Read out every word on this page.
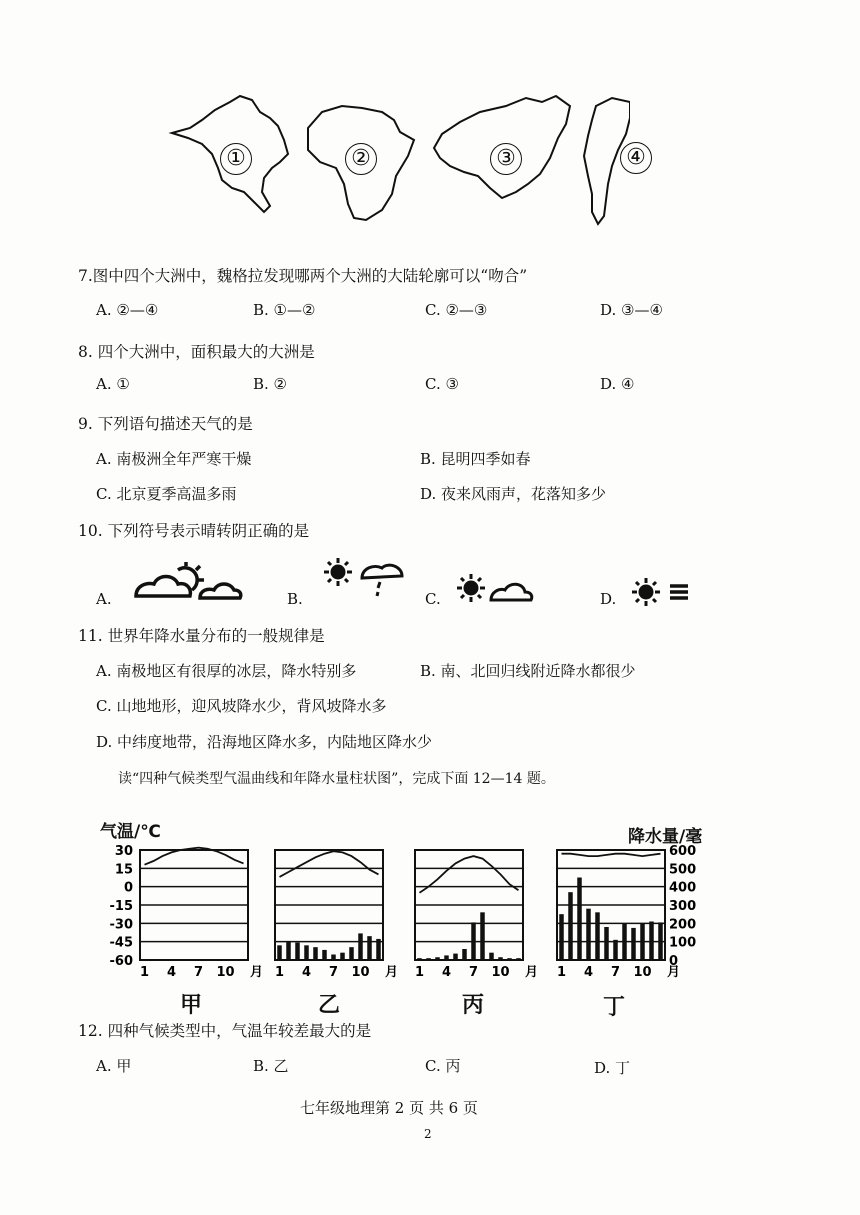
①	②	③	④
7.图中四个大洲中，魏格拉发现哪两个大洲的大陆轮廓可以“吻合”
A. ②—④	B. ①—②	C. ②—③	D. ③—④
8. 四个大洲中，面积最大的大洲是
A. ①	B. ②	C. ③	D. ④
9. 下列语句描述天气的是
A. 南极洲全年严寒干燥	B. 昆明四季如春
C. 北京夏季高温多雨	D. 夜来风雨声，花落知多少
10. 下列符号表示晴转阴正确的是
A.	B.	C.	D.
11. 世界年降水量分布的一般规律是
A. 南极地区有很厚的冰层，降水特别多	B. 南、北回归线附近降水都很少
C. 山地地形，迎风坡降水少，背风坡降水多
D. 中纬度地带，沿海地区降水多，内陆地区降水少
读“四种气候类型气温曲线和年降水量柱状图”，完成下面 12—14 题。
气温/℃	降水量/毫
30
15
0
-15
-30
-45
-60
600
500
400
300
200
100
0
1 4 7 10 月 1 4 7 10 月 1 4 7 10 月 1 4 7 10 月
甲	乙	丙	丁
12. 四种气候类型中，气温年较差最大的是
A. 甲	B. 乙	C. 丙	D. 丁
七年级地理第 2 页 共 6 页
2
